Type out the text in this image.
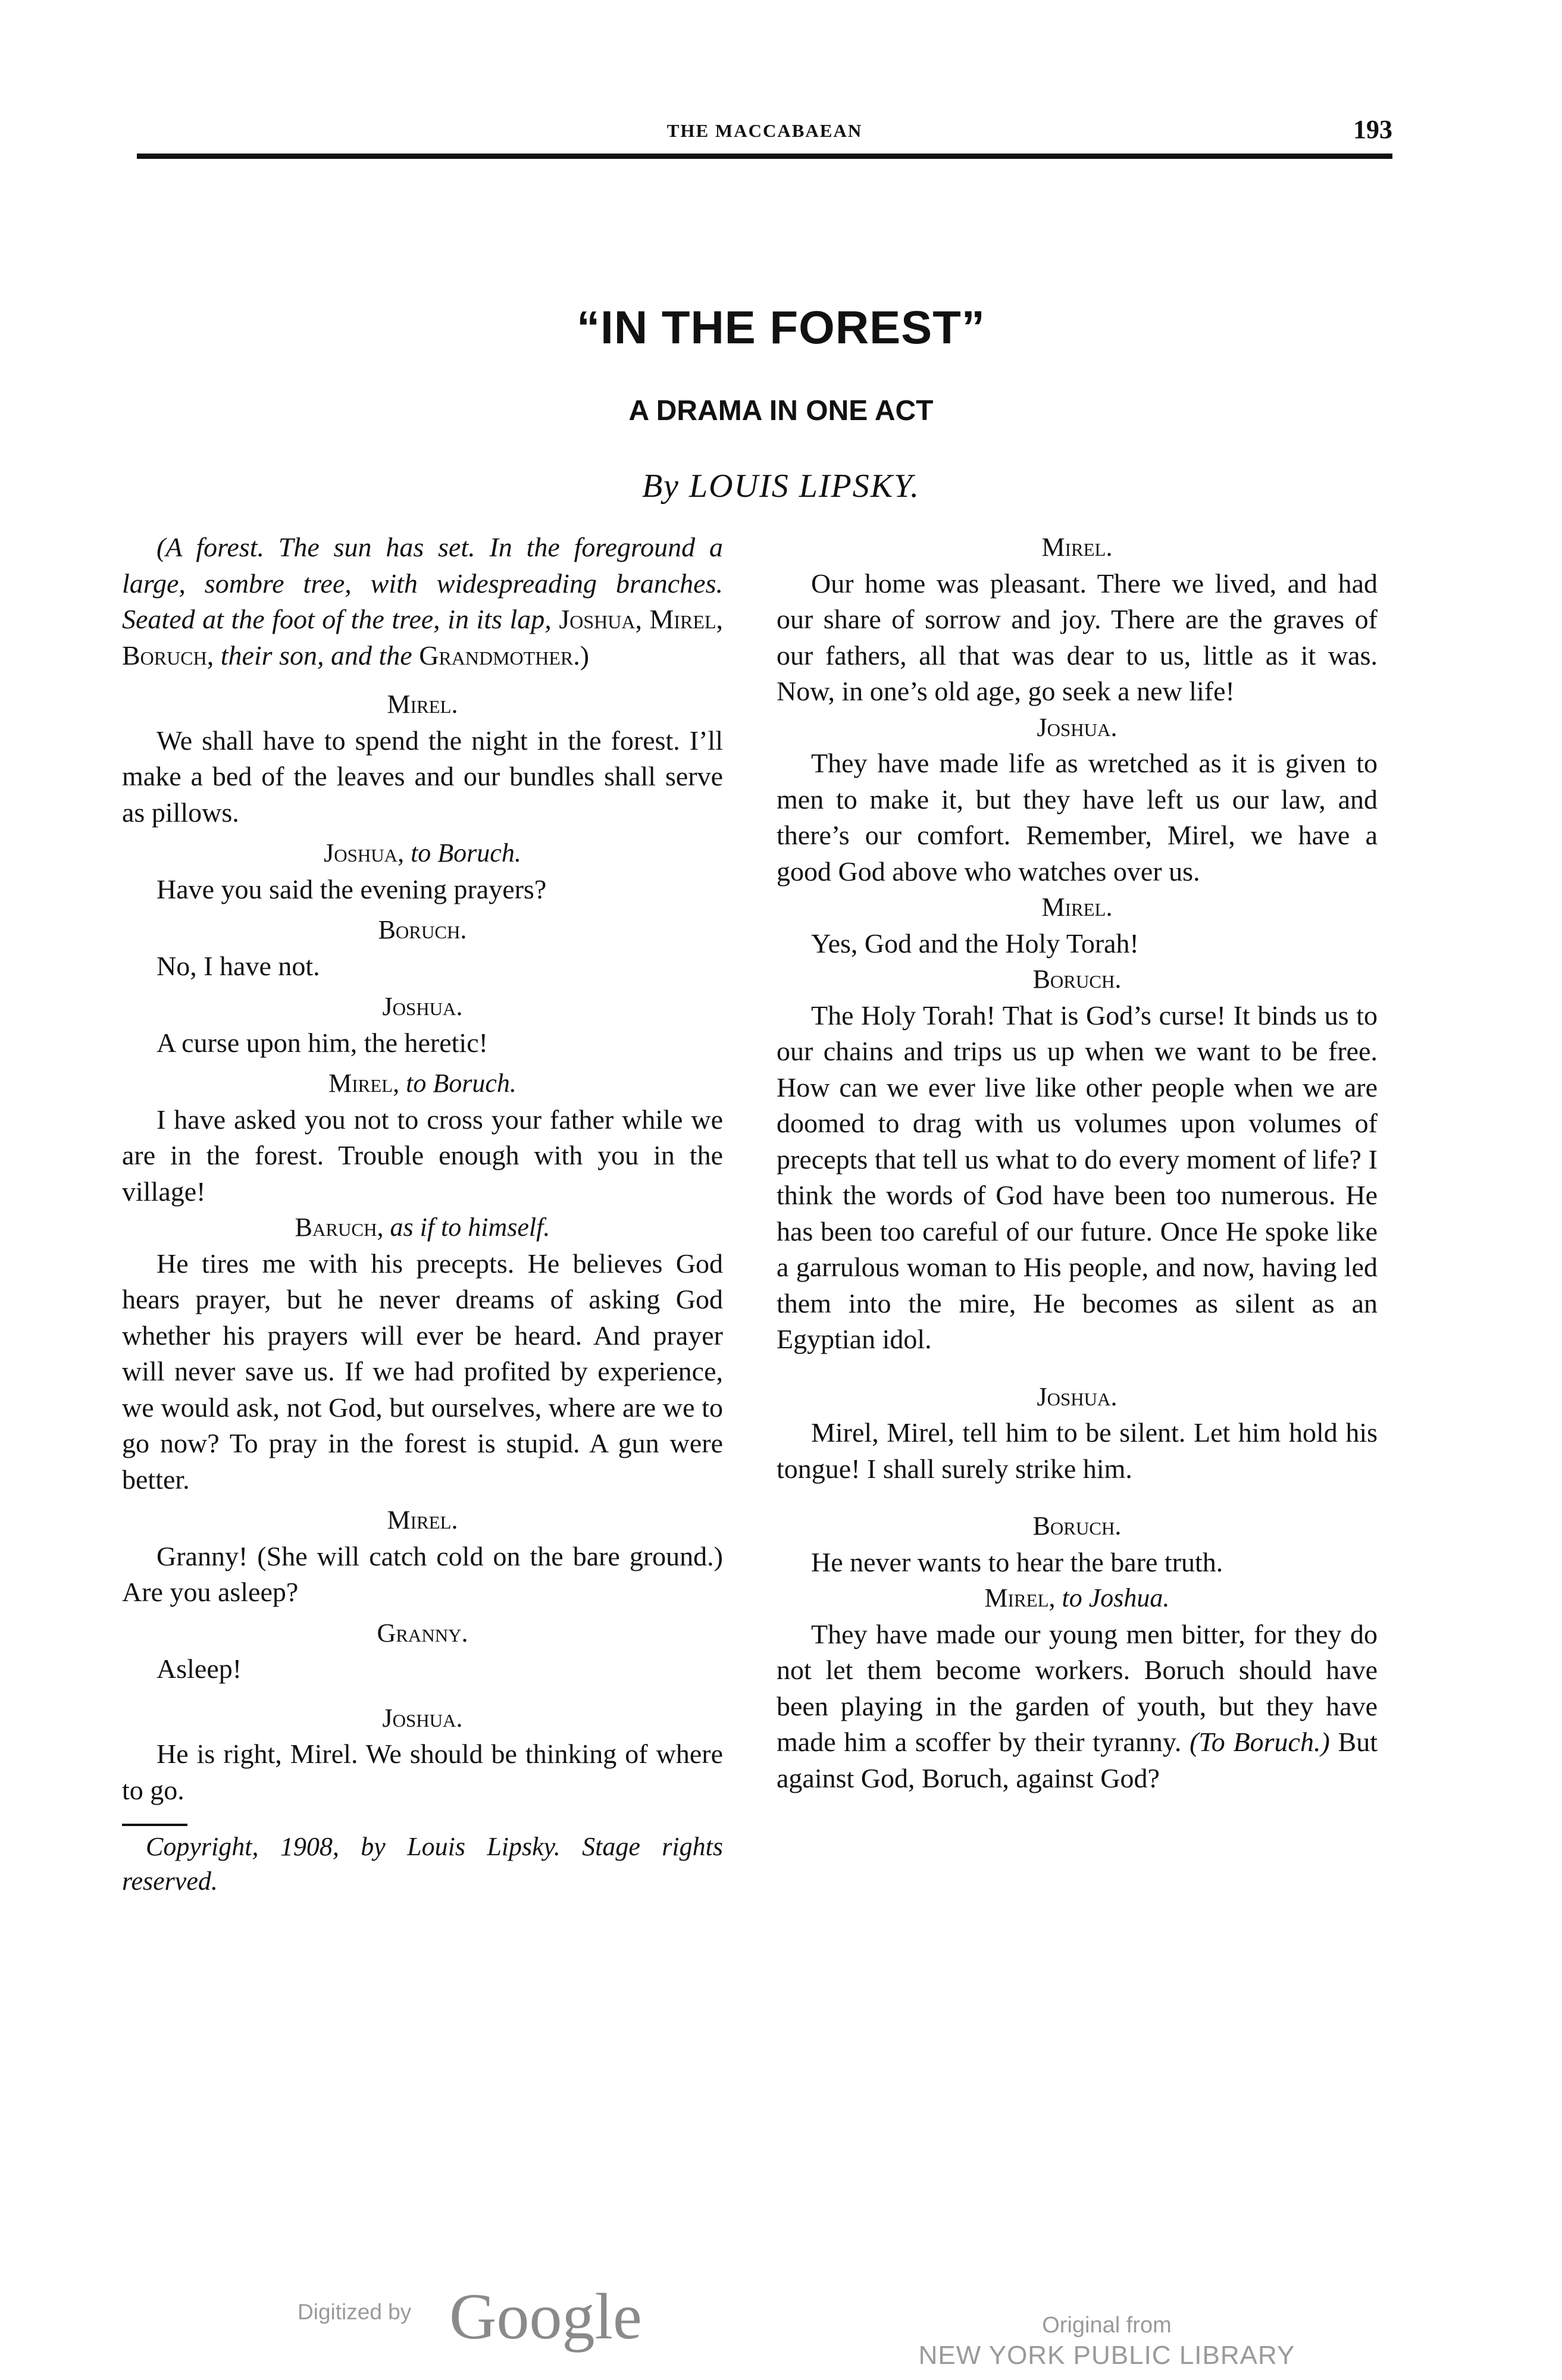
THE MACCABAEAN	193
“IN THE FOREST”
A DRAMA IN ONE ACT
By LOUIS LIPSKY.

(A forest. The sun has set. In the foreground a large, sombre tree, with widespreading branches. Seated at the foot of the tree, in its lap, Joshua, Mirel, Boruch, their son, and the Grandmother.)

Mirel.

We shall have to spend the night in the forest. I’ll make a bed of the leaves and our bundles shall serve as pillows.

Joshua, to Boruch.

Have you said the evening prayers?

Boruch.

No, I have not.

Joshua.

A curse upon him, the heretic!

Mirel, to Boruch.

I have asked you not to cross your father while we are in the forest. Trouble enough with you in the village!

Baruch, as if to himself.

He tires me with his precepts. He believes God hears prayer, but he never dreams of asking God whether his prayers will ever be heard. And prayer will never save us. If we had profited by experience, we would ask, not God, but ourselves, where are we to go now? To pray in the forest is stupid. A gun were better.

Mirel.

Granny! (She will catch cold on the bare ground.) Are you asleep?

Granny.

Asleep!

Joshua.

He is right, Mirel. We should be thinking of where to go.

Copyright, 1908, by Louis Lipsky. Stage rights reserved.

Mirel.

Our home was pleasant. There we lived, and had our share of sorrow and joy. There are the graves of our fathers, all that was dear to us, little as it was. Now, in one’s old age, go seek a new life!

Joshua.

They have made life as wretched as it is given to men to make it, but they have left us our law, and there’s our comfort. Remember, Mirel, we have a good God above who watches over us.

Mirel.

Yes, God and the Holy Torah!

Boruch.

The Holy Torah! That is God’s curse! It binds us to our chains and trips us up when we want to be free. How can we ever live like other people when we are doomed to drag with us volumes upon volumes of precepts that tell us what to do every moment of life? I think the words of God have been too numerous. He has been too careful of our future. Once He spoke like a garrulous woman to His people, and now, having led them into the mire, He becomes as silent as an Egyptian idol.

Joshua.

Mirel, Mirel, tell him to be silent. Let him hold his tongue! I shall surely strike him.

Boruch.

He never wants to hear the bare truth.

Mirel, to Joshua.

They have made our young men bitter, for they do not let them become workers. Boruch should have been playing in the garden of youth, but they have made him a scoffer by their tyranny. (To Boruch.) But against God, Boruch, against God?

Digitized by Google	Original from
NEW YORK PUBLIC LIBRARY
